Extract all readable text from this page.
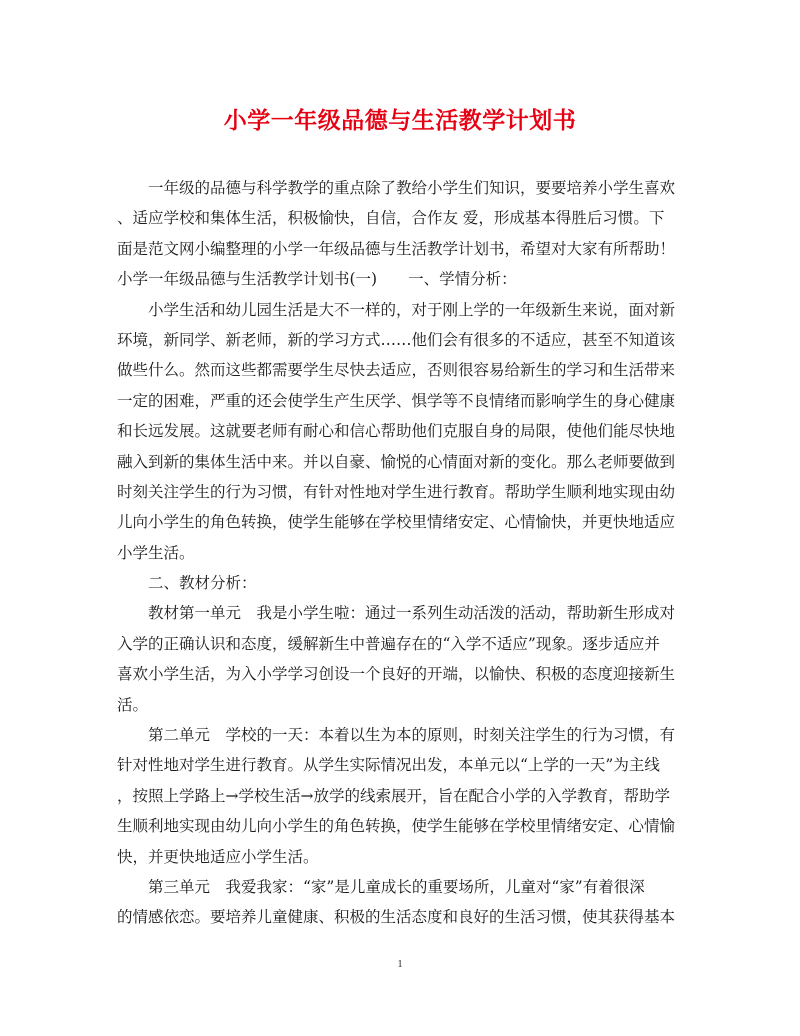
小学一年级品德与生活教学计划书
一年级的品德与科学教学的重点除了教给小学生们知识，要要培养小学生喜欢
、适应学校和集体生活，积极愉快，自信，合作友 爱，形成基本得胜后习惯。下
面是范文网小编整理的小学一年级品德与生活教学计划书，希望对大家有所帮助！
小学一年级品德与生活教学计划书(一)　　一、学情分析：
小学生活和幼儿园生活是大不一样的，对于刚上学的一年级新生来说，面对新
环境，新同学、新老师，新的学习方式……他们会有很多的不适应，甚至不知道该
做些什么。然而这些都需要学生尽快去适应，否则很容易给新生的学习和生活带来
一定的困难，严重的还会使学生产生厌学、惧学等不良情绪而影响学生的身心健康
和长远发展。这就要老师有耐心和信心帮助他们克服自身的局限，使他们能尽快地
融入到新的集体生活中来。并以自豪、愉悦的心情面对新的变化。那么老师要做到
时刻关注学生的行为习惯，有针对性地对学生进行教育。帮助学生顺利地实现由幼
儿向小学生的角色转换，使学生能够在学校里情绪安定、心情愉快，并更快地适应
小学生活。
二、教材分析：
教材第一单元　我是小学生啦：通过一系列生动活泼的活动，帮助新生形成对
入学的正确认识和态度，缓解新生中普遍存在的“入学不适应”现象。逐步适应并
喜欢小学生活，为入小学学习创设一个良好的开端，以愉快、积极的态度迎接新生
活。
第二单元　学校的一天：本着以生为本的原则，时刻关注学生的行为习惯，有
针对性地对学生进行教育。从学生实际情况出发，本单元以“上学的一天”为主线
，按照上学路上→学校生活→放学的线索展开，旨在配合小学的入学教育，帮助学
生顺利地实现由幼儿向小学生的角色转换，使学生能够在学校里情绪安定、心情愉
快，并更快地适应小学生活。
第三单元　我爱我家：“家”是儿童成长的重要场所，儿童对“家”有着很深
的情感依恋。要培养儿童健康、积极的生活态度和良好的生活习惯，使其获得基本
1
